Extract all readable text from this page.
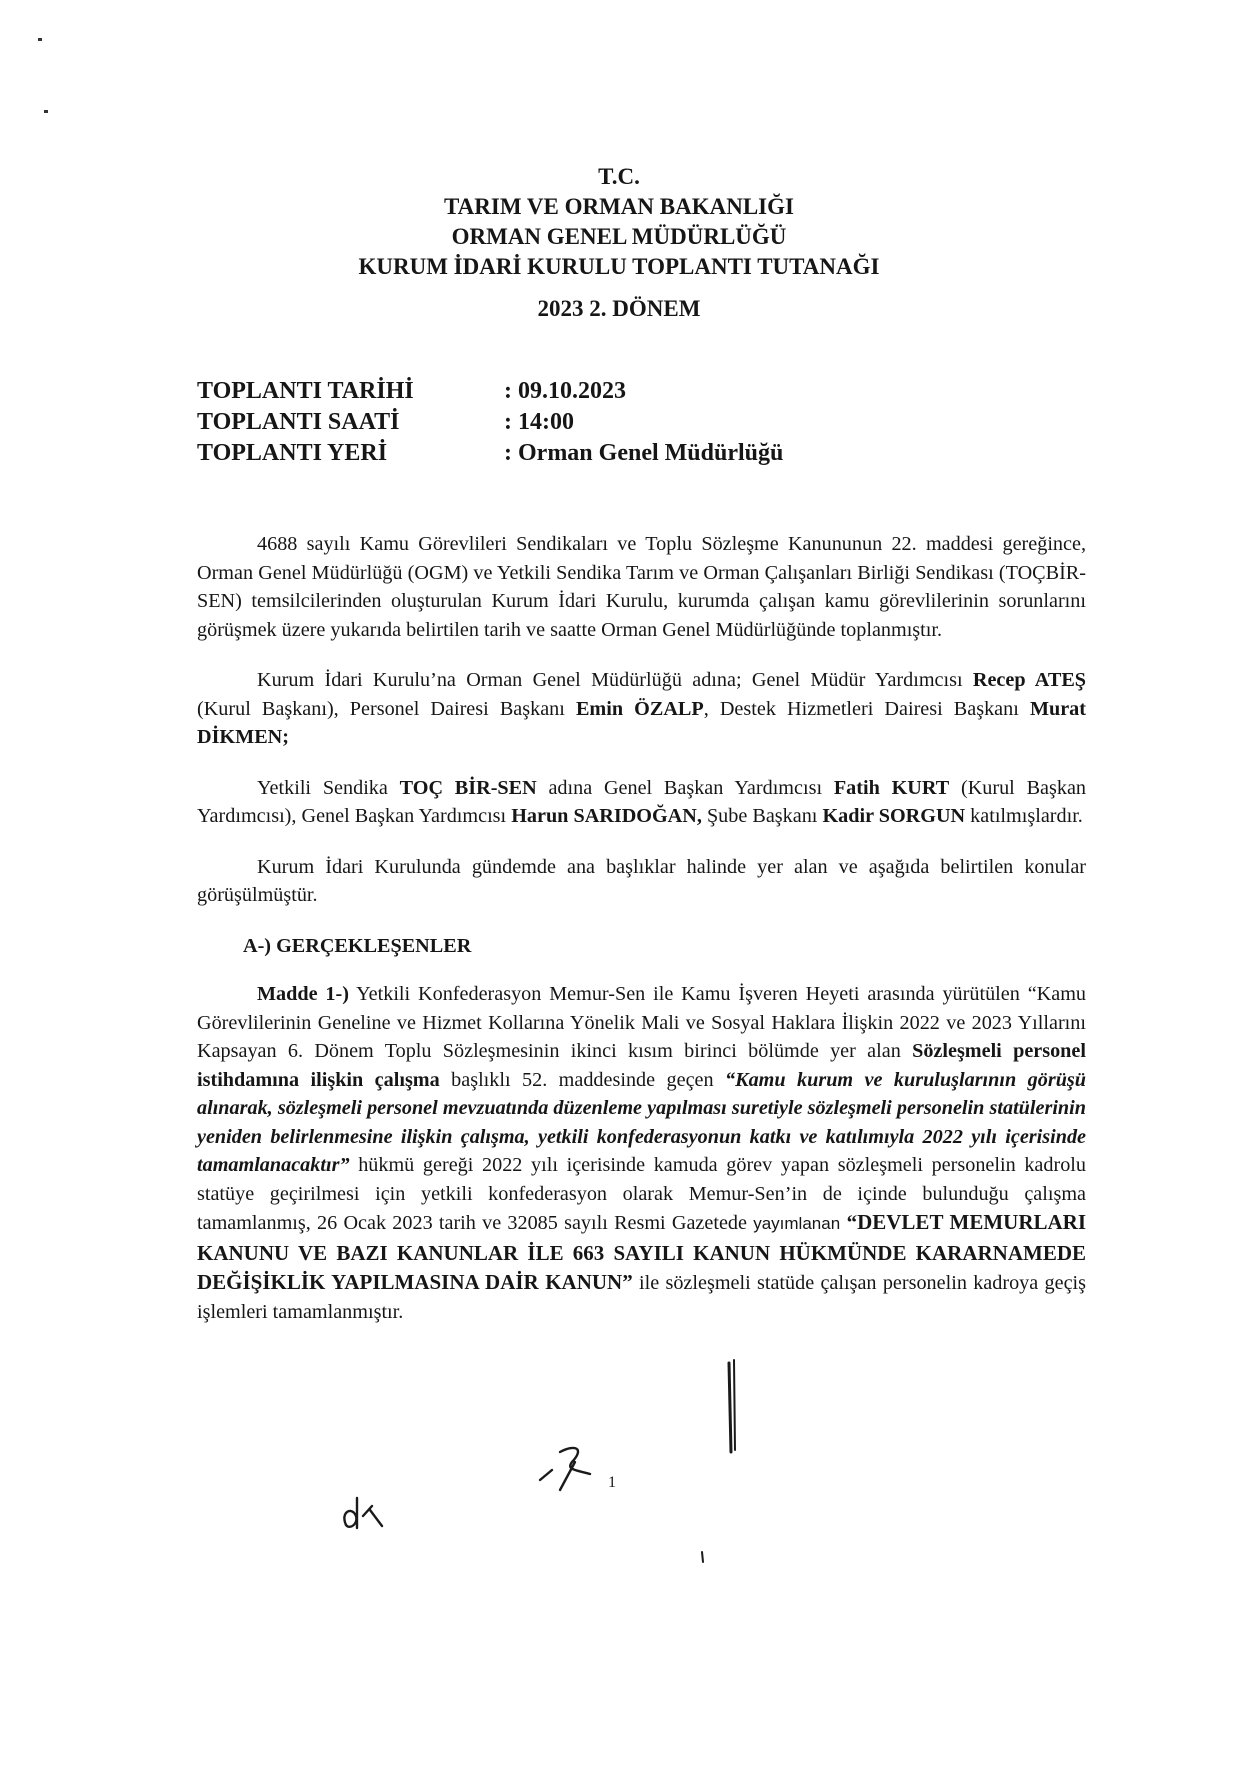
T.C.
TARIM VE ORMAN BAKANLIĞI
ORMAN GENEL MÜDÜRLÜĞÜ
KURUM İDARİ KURULU TOPLANTI TUTANAĞI
2023 2. DÖNEM
TOPLANTI TARİHİ	: 09.10.2023
TOPLANTI SAATİ	: 14:00
TOPLANTI YERİ	: Orman Genel Müdürlüğü

4688 sayılı Kamu Görevlileri Sendikaları ve Toplu Sözleşme Kanununun 22. maddesi gereğince, Orman Genel Müdürlüğü (OGM) ve Yetkili Sendika Tarım ve Orman Çalışanları Birliği Sendikası (TOÇBİR-SEN) temsilcilerinden oluşturulan Kurum İdari Kurulu, kurumda çalışan kamu görevlilerinin sorunlarını görüşmek üzere yukarıda belirtilen tarih ve saatte Orman Genel Müdürlüğünde toplanmıştır.

Kurum İdari Kurulu’na Orman Genel Müdürlüğü adına; Genel Müdür Yardımcısı Recep ATEŞ (Kurul Başkanı), Personel Dairesi Başkanı Emin ÖZALP, Destek Hizmetleri Dairesi Başkanı Murat DİKMEN;

Yetkili Sendika TOÇ BİR-SEN adına Genel Başkan Yardımcısı Fatih KURT (Kurul Başkan Yardımcısı), Genel Başkan Yardımcısı Harun SARIDOĞAN, Şube Başkanı Kadir SORGUN katılmışlardır.

Kurum İdari Kurulunda gündemde ana başlıklar halinde yer alan ve aşağıda belirtilen konular görüşülmüştür.

A-) GERÇEKLEŞENLER

Madde 1-) Yetkili Konfederasyon Memur-Sen ile Kamu İşveren Heyeti arasında yürütülen “Kamu Görevlilerinin Geneline ve Hizmet Kollarına Yönelik Mali ve Sosyal Haklara İlişkin 2022 ve 2023 Yıllarını Kapsayan 6. Dönem Toplu Sözleşmesinin ikinci kısım birinci bölümde yer alan Sözleşmeli personel istihdamına ilişkin çalışma başlıklı 52. maddesinde geçen “Kamu kurum ve kuruluşlarının görüşü alınarak, sözleşmeli personel mevzuatında düzenleme yapılması suretiyle sözleşmeli personelin statülerinin yeniden belirlenmesine ilişkin çalışma, yetkili konfederasyonun katkı ve katılımıyla 2022 yılı içerisinde tamamlanacaktır” hükmü gereği 2022 yılı içerisinde kamuda görev yapan sözleşmeli personelin kadrolu statüye geçirilmesi için yetkili konfederasyon olarak Memur-Sen’in de içinde bulunduğu çalışma tamamlanmış, 26 Ocak 2023 tarih ve 32085 sayılı Resmi Gazetede yayımlanan “DEVLET MEMURLARI KANUNU VE BAZI KANUNLAR İLE 663 SAYILI KANUN HÜKMÜNDE KARARNAMEDE DEĞİŞİKLİK YAPILMASINA DAİR KANUN” ile sözleşmeli statüde çalışan personelin kadroya geçiş işlemleri tamamlanmıştır.

1
